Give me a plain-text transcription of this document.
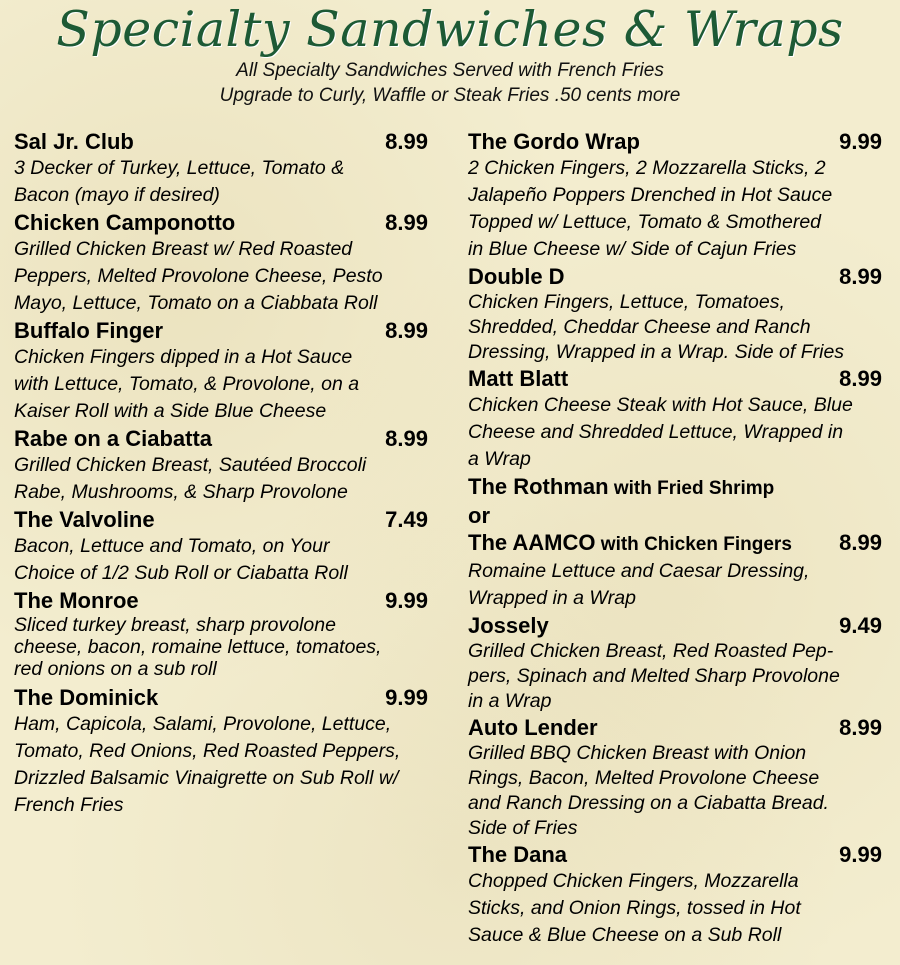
Specialty Sandwiches & Wraps
All Specialty Sandwiches Served with French Fries
Upgrade to Curly, Waffle or Steak Fries .50 cents more
Sal Jr. Club	8.99
3 Decker of Turkey, Lettuce, Tomato &
Bacon (mayo if desired)
Chicken Camponotto	8.99
Grilled Chicken Breast w/ Red Roasted
Peppers, Melted Provolone Cheese, Pesto
Mayo, Lettuce, Tomato on a Ciabbata Roll
Buffalo Finger	8.99
Chicken Fingers dipped in a Hot Sauce
with Lettuce, Tomato, & Provolone, on a
Kaiser Roll with a Side Blue Cheese
Rabe on a Ciabatta	8.99
Grilled Chicken Breast, Sautéed Broccoli
Rabe, Mushrooms, & Sharp Provolone
The Valvoline	7.49
Bacon, Lettuce and Tomato, on Your
Choice of 1/2 Sub Roll or Ciabatta Roll
The Monroe	9.99
Sliced turkey breast, sharp provolone
cheese, bacon, romaine lettuce, tomatoes,
red onions on a sub roll
The Dominick	9.99
Ham, Capicola, Salami, Provolone, Lettuce,
Tomato, Red Onions, Red Roasted Peppers,
Drizzled Balsamic Vinaigrette on Sub Roll w/
French Fries
The Gordo Wrap	9.99
2 Chicken Fingers, 2 Mozzarella Sticks, 2
Jalapeño Poppers Drenched in Hot Sauce
Topped w/ Lettuce, Tomato & Smothered
in Blue Cheese w/ Side of Cajun Fries
Double D	8.99
Chicken Fingers, Lettuce, Tomatoes,
Shredded, Cheddar Cheese and Ranch
Dressing, Wrapped in a Wrap. Side of Fries
Matt Blatt	8.99
Chicken Cheese Steak with Hot Sauce, Blue
Cheese and Shredded Lettuce, Wrapped in
a Wrap
The Rothman with Fried Shrimp
or
The AAMCO with Chicken Fingers 8.99
Romaine Lettuce and Caesar Dressing,
Wrapped in a Wrap
Jossely	9.49
Grilled Chicken Breast, Red Roasted Pep-
pers, Spinach and Melted Sharp Provolone
in a Wrap
Auto Lender	8.99
Grilled BBQ Chicken Breast with Onion
Rings, Bacon, Melted Provolone Cheese
and Ranch Dressing on a Ciabatta Bread.
Side of Fries
The Dana	9.99
Chopped Chicken Fingers, Mozzarella
Sticks, and Onion Rings, tossed in Hot
Sauce & Blue Cheese on a Sub Roll
